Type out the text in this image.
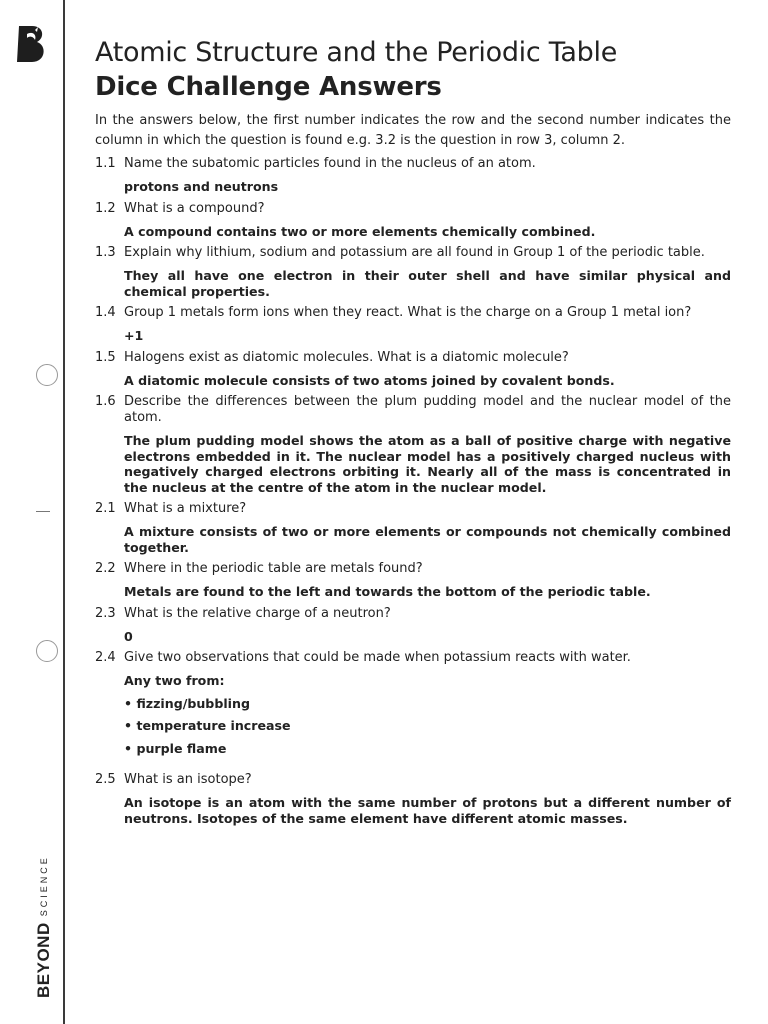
BEYONDSCIENCE
Atomic Structure and the Periodic Table
Dice Challenge Answers

In the answers below, the first number indicates the row and the second number indicates the column in which the question is found e.g. 3.2 is the question in row 3, column 2.

1.1 Name the subatomic particles found in the nucleus of an atom.
protons and neutrons
1.2 What is a compound?
A compound contains two or more elements chemically combined.
1.3 Explain why lithium, sodium and potassium are all found in Group 1 of the periodic table.
They all have one electron in their outer shell and have similar physical and chemical properties.
1.4 Group 1 metals form ions when they react. What is the charge on a Group 1 metal ion?
+1
1.5 Halogens exist as diatomic molecules. What is a diatomic molecule?
A diatomic molecule consists of two atoms joined by covalent bonds.
1.6 Describe the differences between the plum pudding model and the nuclear model of the atom.
The plum pudding model shows the atom as a ball of positive charge with negative electrons embedded in it. The nuclear model has a positively charged nucleus with negatively charged electrons orbiting it. Nearly all of the mass is concentrated in the nucleus at the centre of the atom in the nuclear model.
2.1 What is a mixture?
A mixture consists of two or more elements or compounds not chemically combined together.
2.2 Where in the periodic table are metals found?
Metals are found to the left and towards the bottom of the periodic table.
2.3 What is the relative charge of a neutron?
0
2.4 Give two observations that could be made when potassium reacts with water.
Any two from:
• fizzing/bubbling
• temperature increase
• purple flame
2.5 What is an isotope?
An isotope is an atom with the same number of protons but a different number of neutrons. Isotopes of the same element have different atomic masses.
